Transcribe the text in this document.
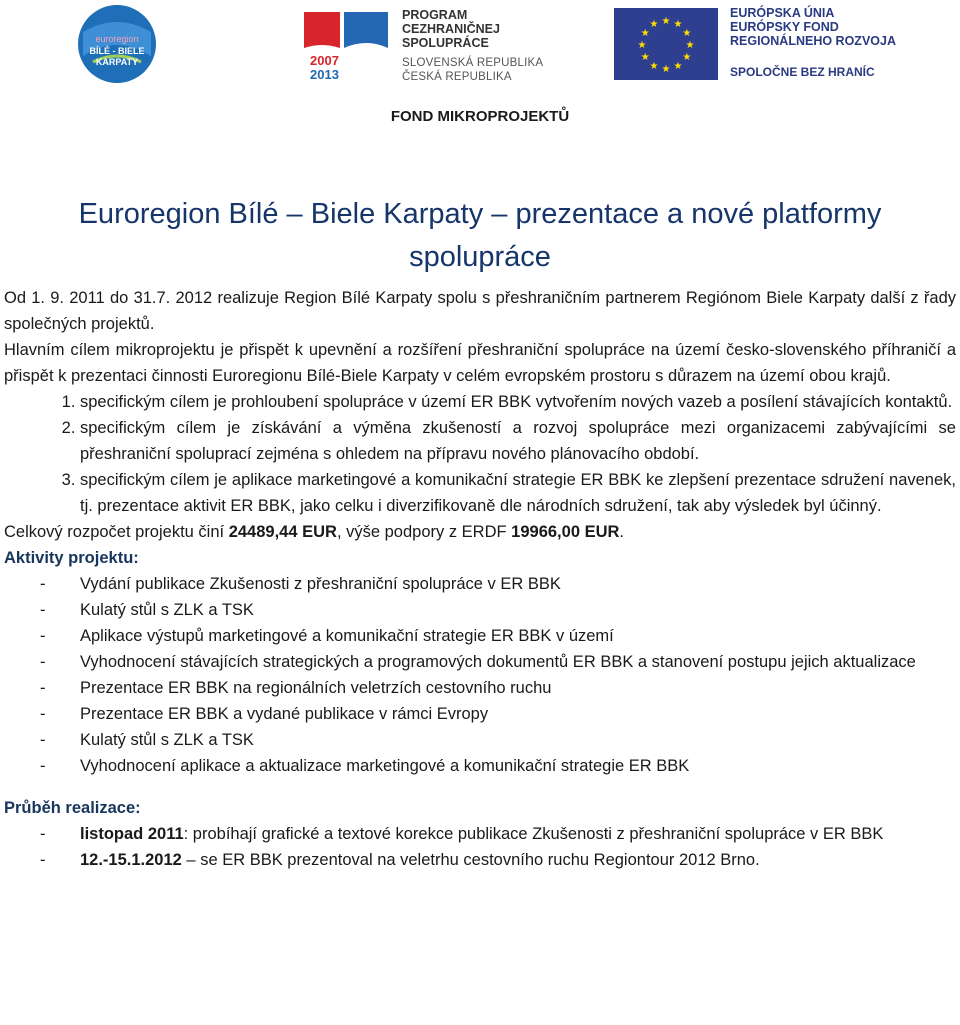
euroregion
BÍLÉ - BIELE
KARPATY	2007
2013
PROGRAM
CEZHRANIČNEJ
SPOLUPRÁCE
SLOVENSKÁ REPUBLIKA
ČESKÁ REPUBLIKA
★ ★
★
★
★
★
★
★
★
★
★
★
EURÓPSKA ÚNIA
EURÓPSKY FOND
REGIONÁLNEHO ROZVOJA
SPOLOČNE BEZ HRANÍC
FOND MIKROPROJEKTŮ
Euroregion Bílé – Biele Karpaty – prezentace a nové platformy spolupráce

Od 1. 9. 2011 do 31.7. 2012 realizuje Region Bílé Karpaty spolu s přeshraničním partnerem Regiónom Biele Karpaty další z řady společných projektů.

Hlavním cílem mikroprojektu je přispět k upevnění a rozšíření přeshraniční spolupráce na území česko-slovenského příhraničí a přispět k prezentaci činnosti Euroregionu Bílé-Biele Karpaty v celém evropském prostoru s důrazem na území obou krajů.

1. specifickým cílem je prohloubení spolupráce v území ER BBK vytvořením nových vazeb a posílení stávajících kontaktů.
2. specifickým cílem je získávání a výměna zkušeností a rozvoj spolupráce mezi organizacemi zabývajícími se přeshraniční spoluprací zejména s ohledem na přípravu nového plánovacího období.
3. specifickým cílem je aplikace marketingové a komunikační strategie ER BBK ke zlepšení prezentace sdružení navenek, tj. prezentace aktivit ER BBK, jako celku i diverzifikovaně dle národních sdružení, tak aby výsledek byl účinný.

Celkový rozpočet projektu činí 24489,44 EUR, výše podpory z ERDF 19966,00 EUR.

Aktivity projektu:

- Vydání publikace Zkušenosti z přeshraniční spolupráce v ER BBK
- Kulatý stůl s ZLK a TSK
- Aplikace výstupů marketingové a komunikační strategie ER BBK v území
- Vyhodnocení stávajících strategických a programových dokumentů ER BBK a stanovení postupu jejich aktualizace
- Prezentace ER BBK na regionálních veletrzích cestovního ruchu
- Prezentace ER BBK a vydané publikace v rámci Evropy
- Kulatý stůl s ZLK a TSK
- Vyhodnocení aplikace a aktualizace marketingové a komunikační strategie ER BBK

Průběh realizace:

- listopad 2011: probíhají grafické a textové korekce publikace Zkušenosti z přeshraniční spolupráce v ER BBK
- 12.-15.1.2012 – se ER BBK prezentoval na veletrhu cestovního ruchu Regiontour 2012 Brno.
